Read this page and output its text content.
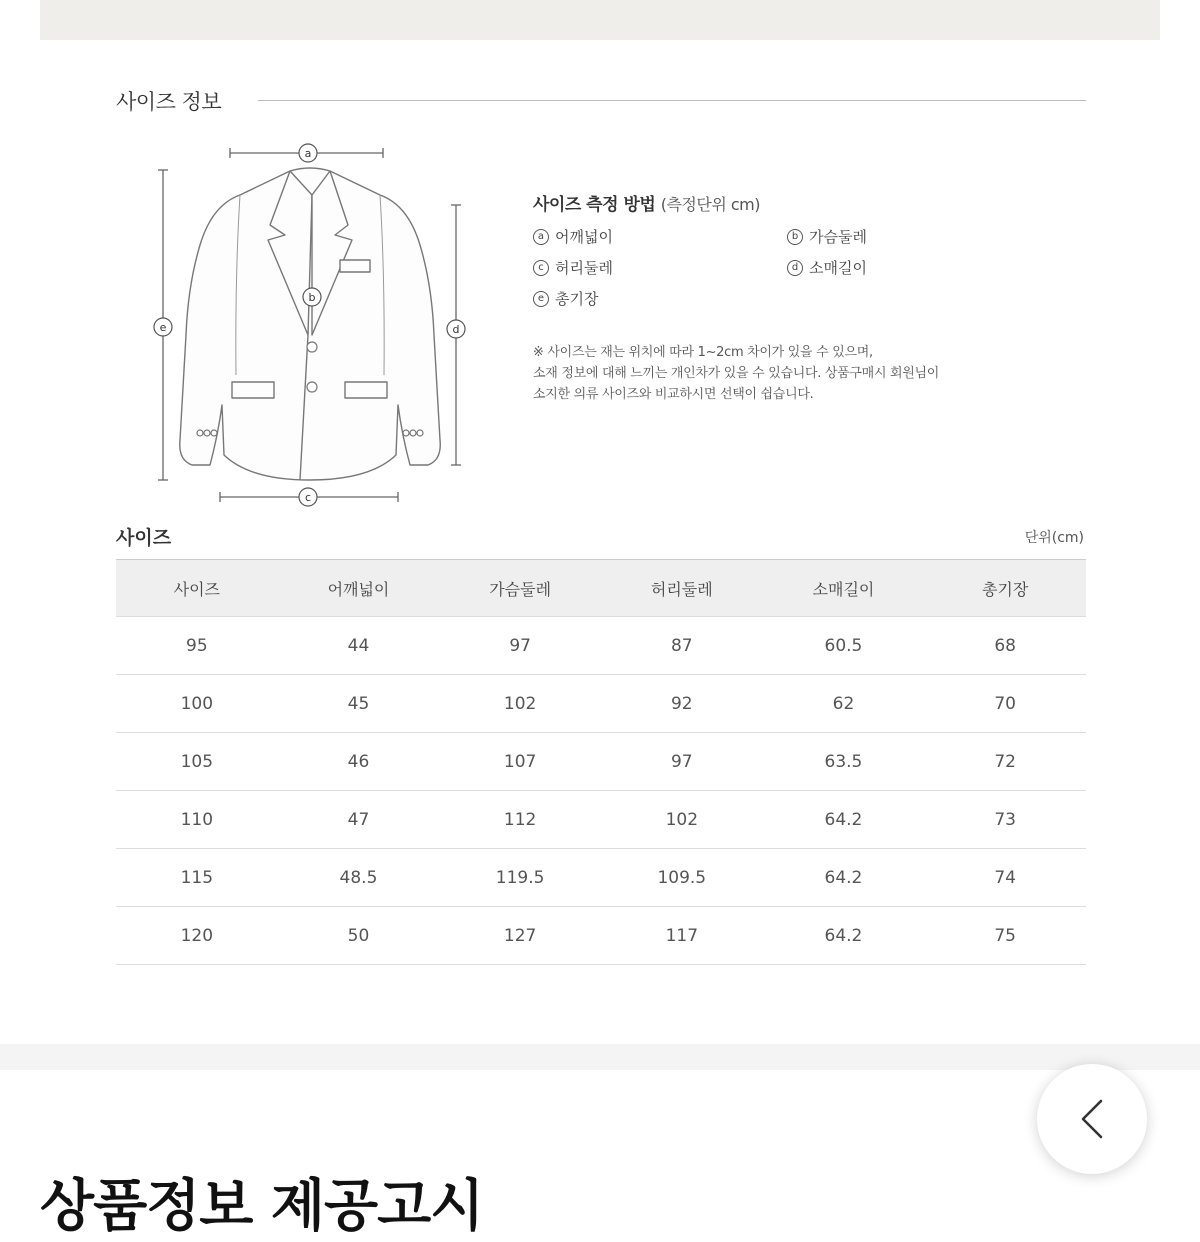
사이즈 정보
a
b
c
d
e
사이즈 측정 방법 (측정단위 cm)
a 어깨넓이	b 가슴둘레
c 허리둘레	d 소매길이
e 총기장
※ 사이즈는 재는 위치에 따라 1~2cm 차이가 있을 수 있으며,
소재 정보에 대해 느끼는 개인차가 있을 수 있습니다. 상품구매시 회원님이
소지한 의류 사이즈와 비교하시면 선택이 쉽습니다.
사이즈	단위(cm)
사이즈	어깨넓이	가슴둘레	허리둘레	소매길이	총기장
95	44	97	87	60.5	68
100	45	102	92	62	70
105	46	107	97	63.5	72
110	47	112	102	64.2	73
115	48.5	119.5	109.5	64.2	74
120	50	127	117	64.2	75
상품정보 제공고시
